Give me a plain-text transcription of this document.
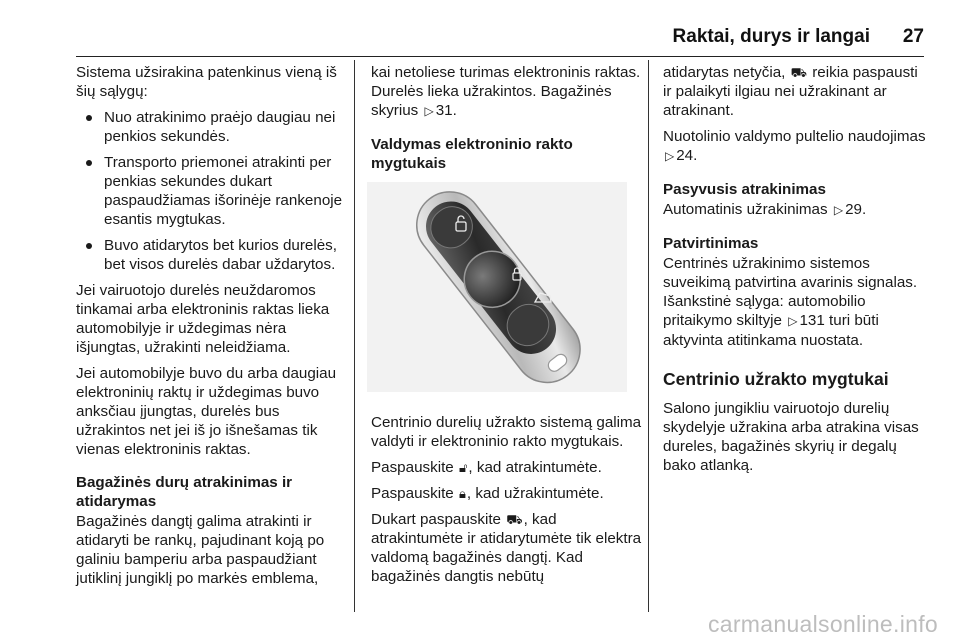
Raktai, durys ir langai 27

Sistema užsirakina patenkinus vieną iš šių sąlygų:

Nuo atrakinimo praėjo daugiau nei penkios sekundės.
Transporto priemonei atrakinti per penkias sekundes dukart paspaudžiamas išorinėje rankenoje esantis mygtukas.
Buvo atidarytos bet kurios durelės, bet visos durelės dabar uždarytos.

Jei vairuotojo durelės neuždaromos tinkamai arba elektroninis raktas lieka automobilyje ir uždegimas nėra išjungtas, užrakinti neleidžiama.

Jei automobilyje buvo du arba daugiau elektroninių raktų ir uždegimas buvo anksčiau įjungtas, durelės bus užrakintos net jei iš jo išnešamas tik vienas elektroninis raktas.

Bagažinės durų atrakinimas ir atidarymas

Bagažinės dangtį galima atrakinti ir atidaryti be rankų, pajudinant koją po galiniu bamperiu arba paspaudžiant jutiklinį jungiklį po markės emblema,

kai netoliese turimas elektroninis raktas. Durelės lieka užrakintos. Bagažinės skyrius ▷ 31.

Valdymas elektroninio rakto mygtukais

Centrinio durelių užrakto sistemą galima valdyti ir elektroninio rakto mygtukais.

Paspauskite 🔓︎, kad atrakintumėte.

Paspauskite 🔒︎, kad užrakintumėte.

Dukart paspauskite ⛟, kad atrakintumėte ir atidarytumėte tik elektra valdomą bagažinės dangtį. Kad bagažinės dangtis nebūtų

atidarytas netyčia, ⛟ reikia paspausti ir palaikyti ilgiau nei užrakinant ar atrakinant.

Nuotolinio valdymo pultelio naudojimas ▷ 24.

Pasyvusis atrakinimas

Automatinis užrakinimas ▷ 29.

Patvirtinimas

Centrinės užrakinimo sistemos suveikimą patvirtina avarinis signalas. Išankstinė sąlyga: automobilio pritaikymo skiltyje ▷ 131 turi būti aktyvinta atitinkama nuostata.

Centrinio užrakto mygtukai

Salono jungikliu vairuotojo durelių skydelyje užrakina arba atrakina visas dureles, bagažinės skyrių ir degalų bako atlanką.

carmanualsonline.info
